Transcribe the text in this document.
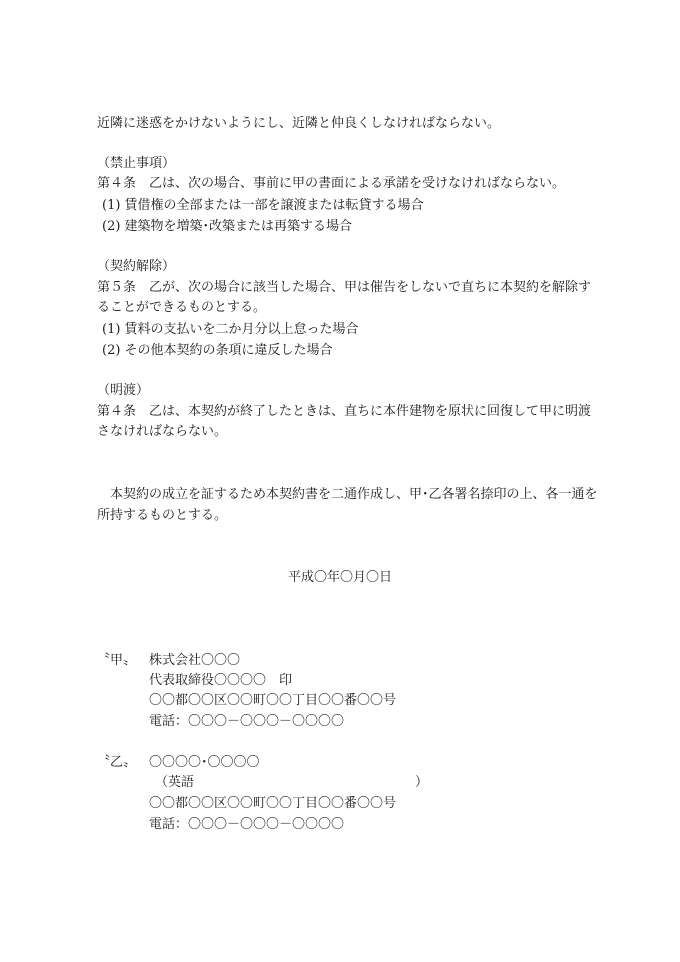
近隣に迷惑をかけないようにし、近隣と仲良くしなければならない。
（禁止事項）
第４条　乙は、次の場合、事前に甲の書面による承諾を受けなければならない。
(1) 賃借権の全部または一部を譲渡または転貸する場合
(2) 建築物を増築･改築または再築する場合
（契約解除）
第５条　乙が、次の場合に該当した場合、甲は催告をしないで直ちに本契約を解除す
ることができるものとする。
(1) 賃料の支払いを二か月分以上怠った場合
(2) その他本契約の条項に違反した場合
（明渡）
第４条　乙は、本契約が終了したときは、直ちに本件建物を原状に回復して甲に明渡
さなければならない。
　本契約の成立を証するため本契約書を二通作成し、甲･乙各署名捺印の上、各一通を
所持するものとする。
平成〇年〇月〇日
〝甲〟 株式会社〇〇〇
代表取締役〇〇〇〇　印
〇〇都〇〇区〇〇町〇〇丁目〇〇番〇〇号
電話：〇〇〇－〇〇〇－〇〇〇〇
〝乙〟 〇〇〇〇･〇〇〇〇
（英語　　　　　　　　　　　　　　　　　）
〇〇都〇〇区〇〇町〇〇丁目〇〇番〇〇号
電話：〇〇〇－〇〇〇－〇〇〇〇
